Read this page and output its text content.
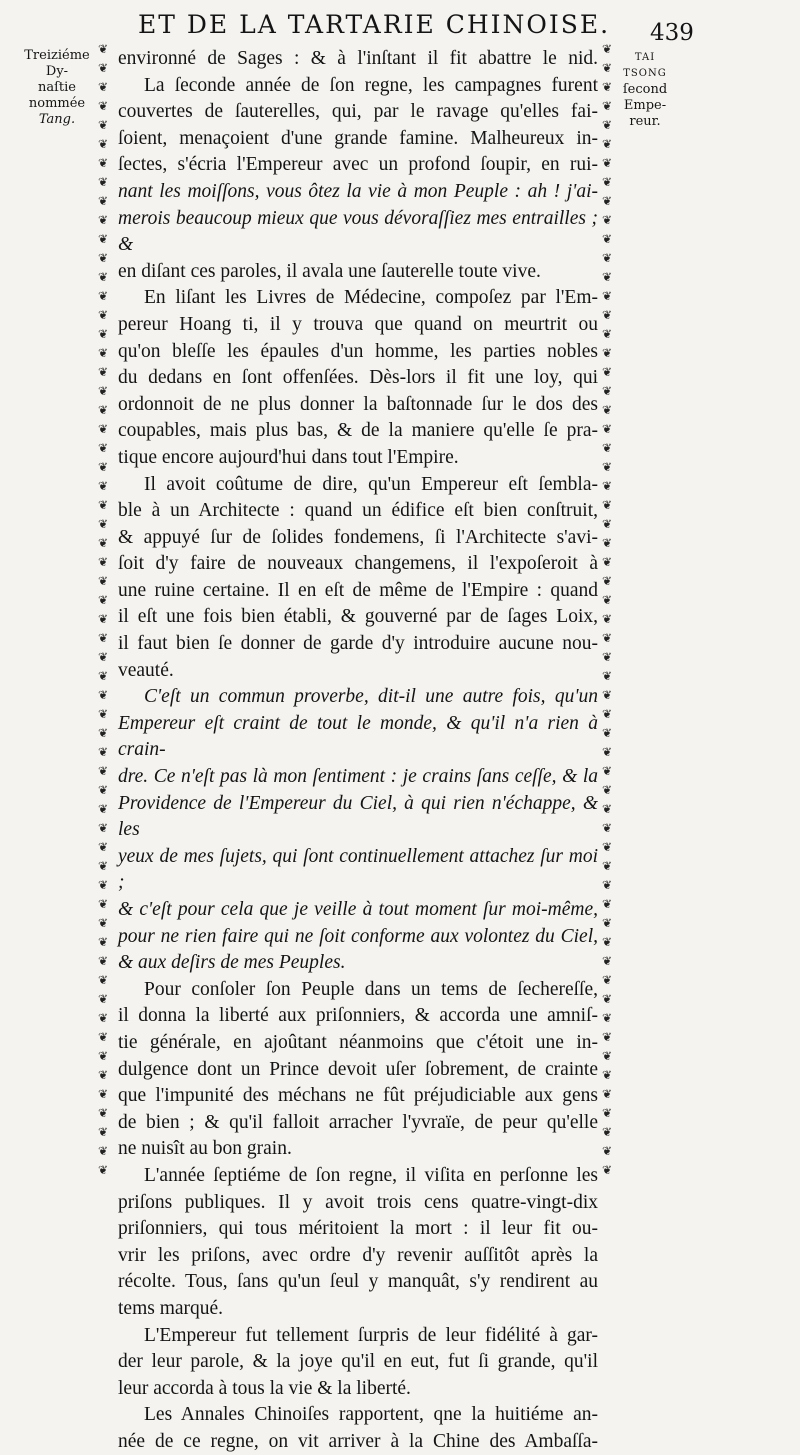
ET DE LA TARTARIE CHINOISE. 439
❦
❦
❦
❦
❦
❦
❦
❦
❦
❦
❦
❦
❦
❦
❦
❦
❦
❦
❦
❦
❦
❦
❦
❦
❦
❦
❦
❦
❦
❦
❦
❦
❦
❦
❦
❦
❦
❦
❦
❦
❦
❦
❦
❦
❦
❦
❦
❦
❦
❦
❦
❦
❦
❦
❦
❦
❦
❦
❦
❦

❦
❦
❦
❦
❦
❦
❦
❦
❦
❦
❦
❦
❦
❦
❦
❦
❦
❦
❦
❦
❦
❦
❦
❦
❦
❦
❦
❦
❦
❦
❦
❦
❦
❦
❦
❦
❦
❦
❦
❦
❦
❦
❦
❦
❦
❦
❦
❦
❦
❦
❦
❦
❦
❦
❦
❦
❦
❦
❦
❦

Treiziéme Dy-
naſtie
nommée
Tang.
TAI
TSONG
ſecond
Empe-
reur.
environné de Sages : & à l'inſtant il fit abattre le nid.
La ſeconde année de ſon regne, les campagnes furent
couvertes de ſauterelles, qui, par le ravage qu'elles fai-
ſoient, menaçoient d'une grande famine. Malheureux in-
ſectes, s'écria l'Empereur avec un profond ſoupir, en rui-
nant les moiſſons, vous ôtez la vie à mon Peuple : ah ! j'ai-
merois beaucoup mieux que vous dévoraſſiez mes entrailles ; &
en diſant ces paroles, il avala une ſauterelle toute vive.
En liſant les Livres de Médecine, compoſez par l'Em-
pereur Hoang ti, il y trouva que quand on meurtrit ou
qu'on bleſſe les épaules d'un homme, les parties nobles
du dedans en ſont offenſées. Dès-lors il fit une loy, qui
ordonnoit de ne plus donner la baſtonnade ſur le dos des
coupables, mais plus bas, & de la maniere qu'elle ſe pra-
tique encore aujourd'hui dans tout l'Empire.
Il avoit coûtume de dire, qu'un Empereur eſt ſembla-
ble à un Architecte : quand un édifice eſt bien conſtruit,
& appuyé ſur de ſolides fondemens, ſi l'Architecte s'avi-
ſoit d'y faire de nouveaux changemens, il l'expoſeroit à
une ruine certaine. Il en eſt de même de l'Empire : quand
il eſt une fois bien établi, & gouverné par de ſages Loix,
il faut bien ſe donner de garde d'y introduire aucune nou-
veauté.
C'eſt un commun proverbe, dit-il une autre fois, qu'un
Empereur eſt craint de tout le monde, & qu'il n'a rien à crain-
dre. Ce n'eſt pas là mon ſentiment : je crains ſans ceſſe, & la
Providence de l'Empereur du Ciel, à qui rien n'échappe, & les
yeux de mes ſujets, qui ſont continuellement attachez ſur moi ;
& c'eſt pour cela que je veille à tout moment ſur moi-même,
pour ne rien faire qui ne ſoit conforme aux volontez du Ciel,
& aux deſirs de mes Peuples.
Pour conſoler ſon Peuple dans un tems de ſechereſſe,
il donna la liberté aux priſonniers, & accorda une amniſ-
tie générale, en ajoûtant néanmoins que c'étoit une in-
dulgence dont un Prince devoit uſer ſobrement, de crainte
que l'impunité des méchans ne fût préjudiciable aux gens
de bien ; & qu'il falloit arracher l'yvraïe, de peur qu'elle
ne nuisît au bon grain.
L'année ſeptiéme de ſon regne, il viſita en perſonne les
priſons publiques. Il y avoit trois cens quatre-vingt-dix
priſonniers, qui tous méritoient la mort : il leur fit ou-
vrir les priſons, avec ordre d'y revenir auſſitôt après la
récolte. Tous, ſans qu'un ſeul y manquât, s'y rendirent au
tems marqué.
L'Empereur fut tellement ſurpris de leur fidélité à gar-
der leur parole, & la joye qu'il en eut, fut ſi grande, qu'il
leur accorda à tous la vie & la liberté.
Les Annales Chinoiſes rapportent, qne la huitiéme an-
née de ce regne, on vit arriver à la Chine des Ambaſſa-
